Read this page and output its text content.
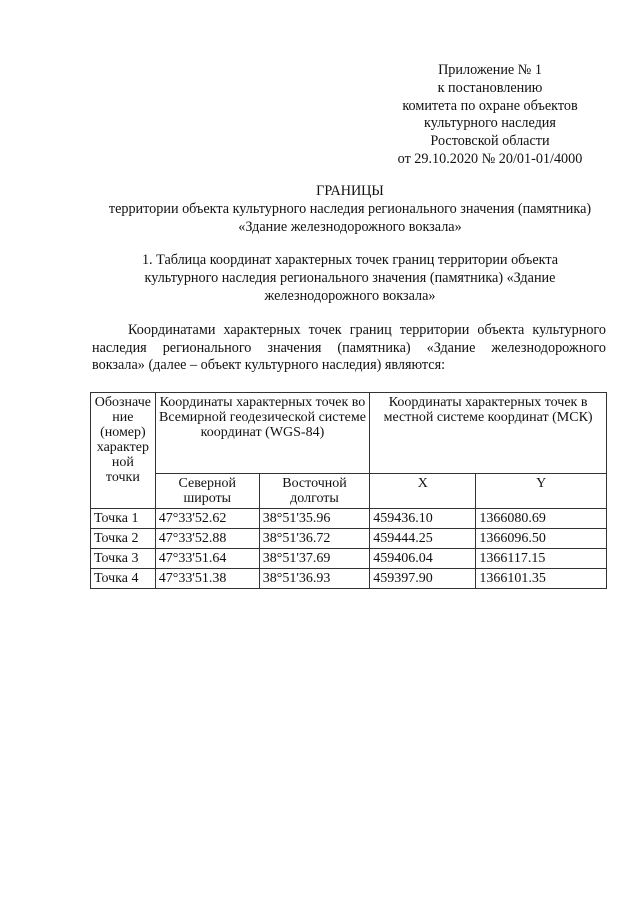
Приложение № 1
к постановлению
комитета по охране объектов
культурного наследия
Ростовской области
от 29.10.2020 № 20/01-01/4000
ГРАНИЦЫ
территории объекта культурного наследия регионального значения (памятника)
«Здание железнодорожного вокзала»
1. Таблица координат характерных точек границ территории объекта
культурного наследия регионального значения (памятника) «Здание
железнодорожного вокзала»
Координатами характерных точек границ территории объекта культурного
наследия регионального значения (памятника) «Здание железнодорожного
вокзала» (далее – объект культурного наследия) являются:
Обозначе ние (номер) характер ной точки	Координаты характерных точек во Всемирной геодезической системе координат (WGS-84)		Координаты характерных точек в местной системе координат (МСК)	
	Северной широты	Восточной долготы	X	Y
Точка 1	47°33'52.62	38°51'35.96	459436.10	1366080.69
Точка 2	47°33'52.88	38°51'36.72	459444.25	1366096.50
Точка 3	47°33'51.64	38°51'37.69	459406.04	1366117.15
Точка 4	47°33'51.38	38°51'36.93	459397.90	1366101.35
